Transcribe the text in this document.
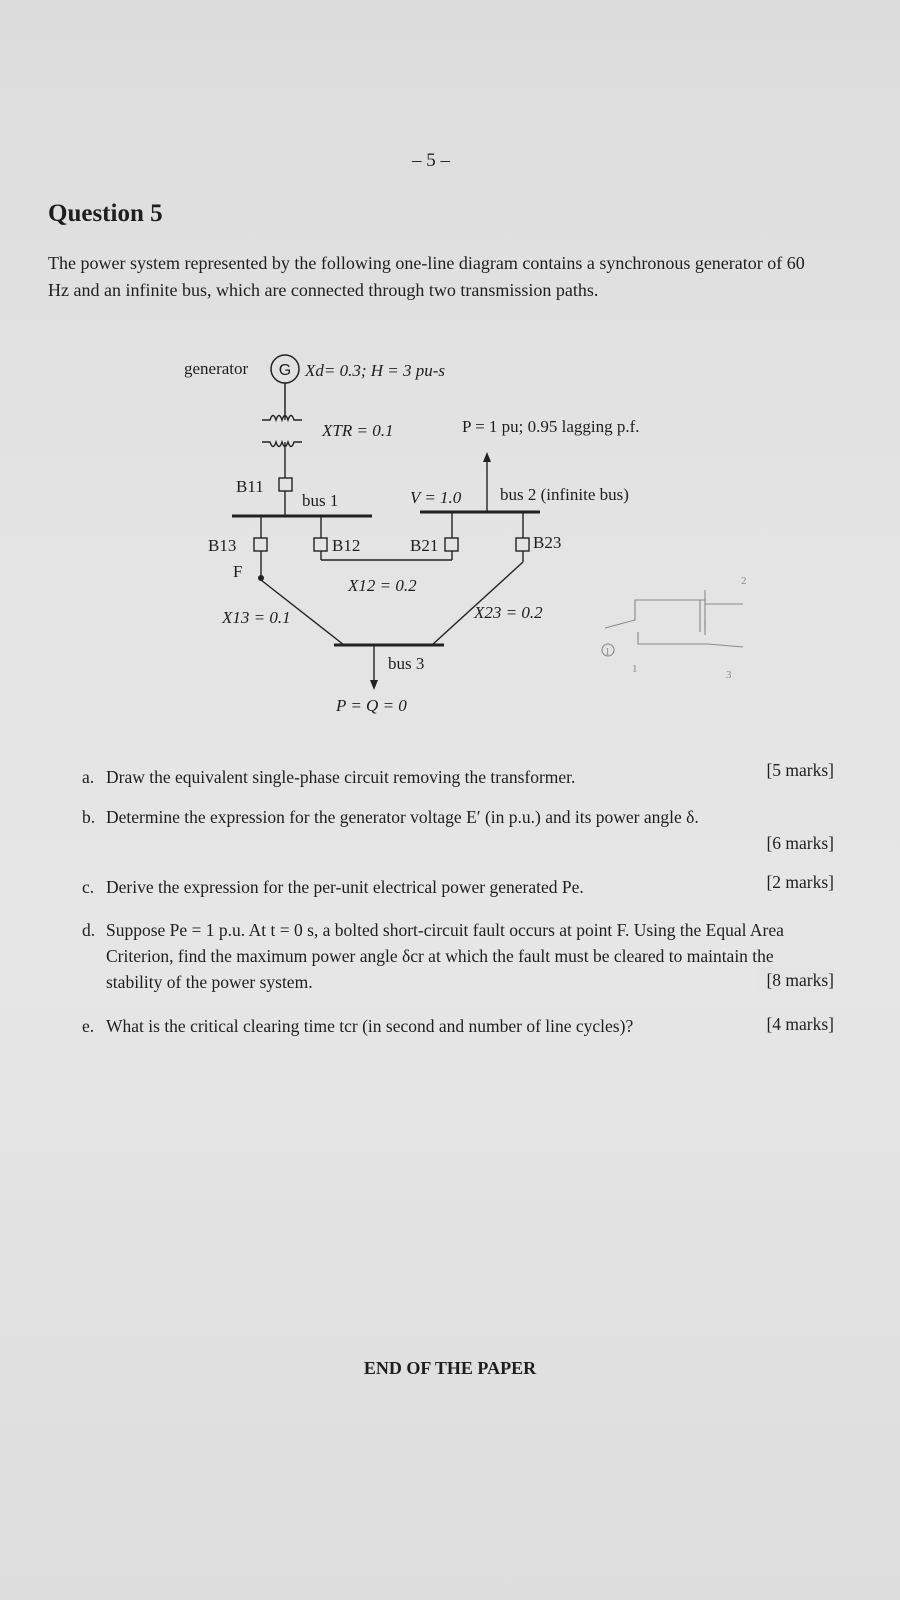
– 5 –
Question 5
The power system represented by the following one-line diagram contains a synchronous generator of 60 Hz and an infinite bus, which are connected through two transmission paths.
generator G Xd= 0.3; H = 3 pu-s
XTR = 0.1	P = 1 pu; 0.95 lagging p.f.
B11
bus 1	V = 1.0 bus 2 (infinite bus)
B13
F
B12	B21	B23
X12 = 0.2
X13 = 0.1	X23 = 0.2
bus 3
P = Q = 0
1
1
2
3
a. Draw the equivalent single-phase circuit removing the transformer.	[5 marks]
b. Determine the expression for the generator voltage E′ (in p.u.) and its power angle δ.
[6 marks]
c. Derive the expression for the per-unit electrical power generated Pe.	[2 marks]
d. Suppose Pe = 1 p.u. At t = 0 s, a bolted short-circuit fault occurs at point F. Using the Equal Area Criterion, find the maximum power angle δcr at which the fault must be cleared to maintain the stability of the power system.	[8 marks]
e. What is the critical clearing time tcr (in second and number of line cycles)?	[4 marks]
END OF THE PAPER
